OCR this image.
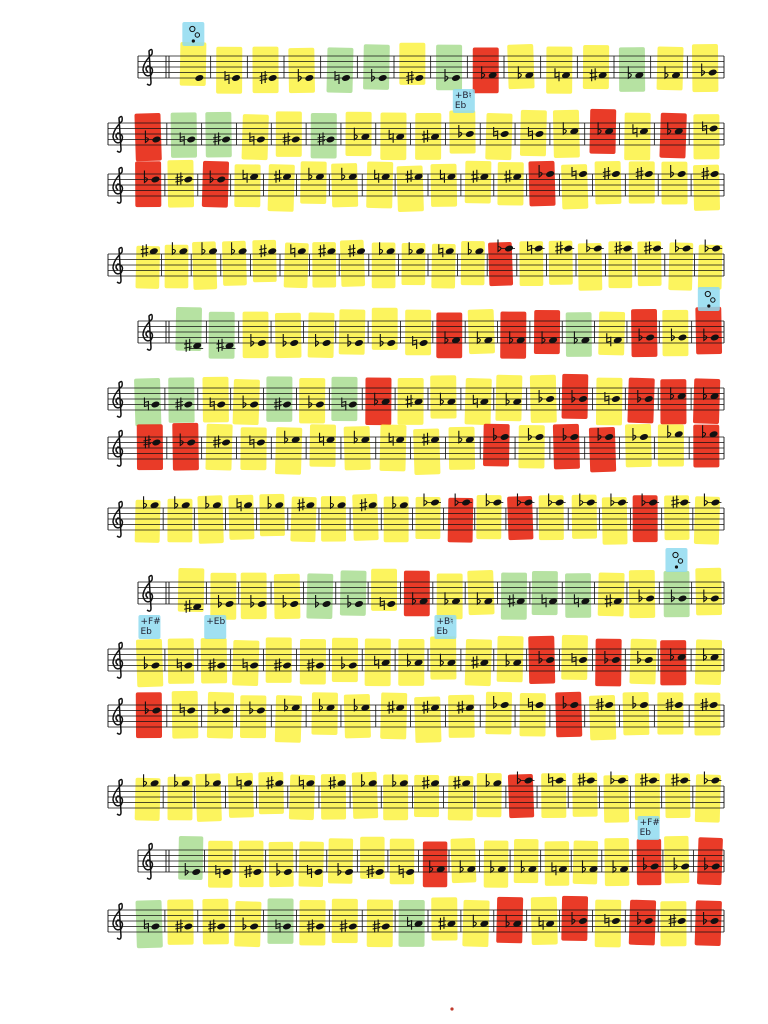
+B♮
Eb
+F#
Eb
+Eb	+B♮
Eb
+F#
Eb
